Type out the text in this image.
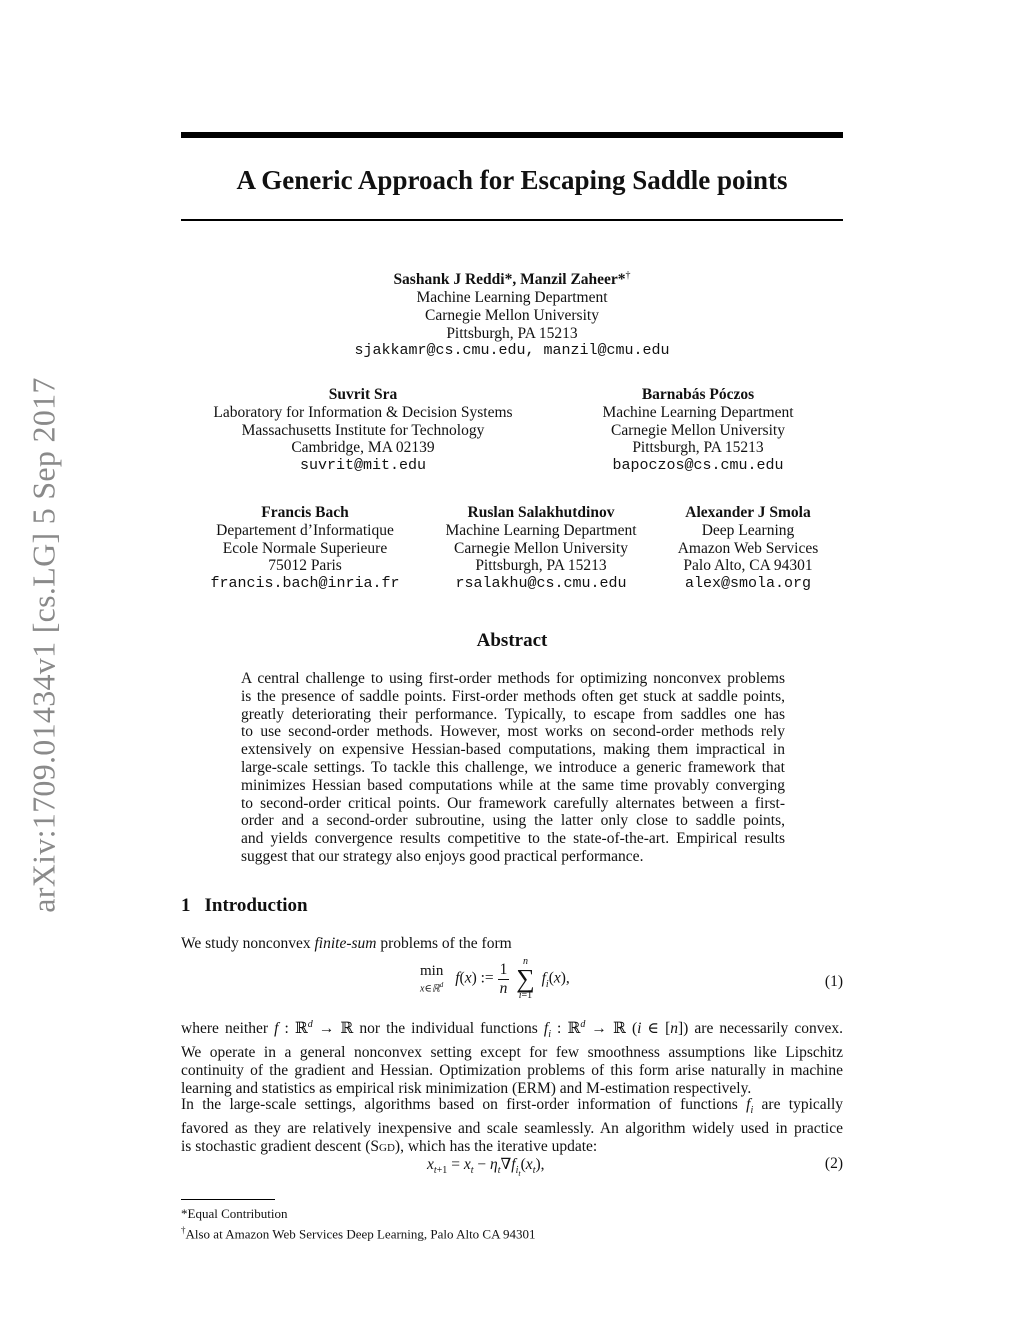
arXiv:1709.01434v1 [cs.LG] 5 Sep 2017
A Generic Approach for Escaping Saddle points
Sashank J Reddi*, Manzil Zaheer*†
Machine Learning Department
Carnegie Mellon University
Pittsburgh, PA 15213
sjakkamr@cs.cmu.edu, manzil@cmu.edu
Suvrit Sra
Laboratory for Information & Decision Systems
Massachusetts Institute for Technology
Cambridge, MA 02139
suvrit@mit.edu
Barnabás Póczos
Machine Learning Department
Carnegie Mellon University
Pittsburgh, PA 15213
bapoczos@cs.cmu.edu
Francis Bach
Departement d’Informatique
Ecole Normale Superieure
75012 Paris
francis.bach@inria.fr
Ruslan Salakhutdinov
Machine Learning Department
Carnegie Mellon University
Pittsburgh, PA 15213
rsalakhu@cs.cmu.edu
Alexander J Smola
Deep Learning
Amazon Web Services
Palo Alto, CA 94301
alex@smola.org
Abstract
A central challenge to using first-order methods for optimizing nonconvex problems
is the presence of saddle points. First-order methods often get stuck at saddle points,
greatly deteriorating their performance. Typically, to escape from saddles one has
to use second-order methods. However, most works on second-order methods rely
extensively on expensive Hessian-based computations, making them impractical in
large-scale settings. To tackle this challenge, we introduce a generic framework that
minimizes Hessian based computations while at the same time provably converging
to second-order critical points. Our framework carefully alternates between a first-
order and a second-order subroutine, using the latter only close to saddle points,
and yields convergence results competitive to the state-of-the-art. Empirical results
suggest that our strategy also enjoys good practical performance.
1 Introduction
We study nonconvex finite-sum problems of the form
min
x∈ℝ$^d$ f(x) := $\frac{1}{n}$
	n
∑
i=1
$f_i(x)$,	(1)
where neither f : ℝ$^d$ → ℝ nor the individual functions $f_i$ : ℝ$^d$ → ℝ (i ∈ [n]) are necessarily convex.
We operate in a general nonconvex setting except for few smoothness assumptions like Lipschitz
continuity of the gradient and Hessian. Optimization problems of this form arise naturally in machine
learning and statistics as empirical risk minimization (ERM) and M-estimation respectively.
In the large-scale settings, algorithms based on first-order information of functions $f_i$ are typically
favored as they are relatively inexpensive and scale seamlessly. An algorithm widely used in practice
is stochastic gradient descent (Sgd), which has the iterative update:
$x_{t+1} = x_t - \eta_t\nabla f_{i_t}(x_t)$,	(2)
*Equal Contribution
†Also at Amazon Web Services Deep Learning, Palo Alto CA 94301
